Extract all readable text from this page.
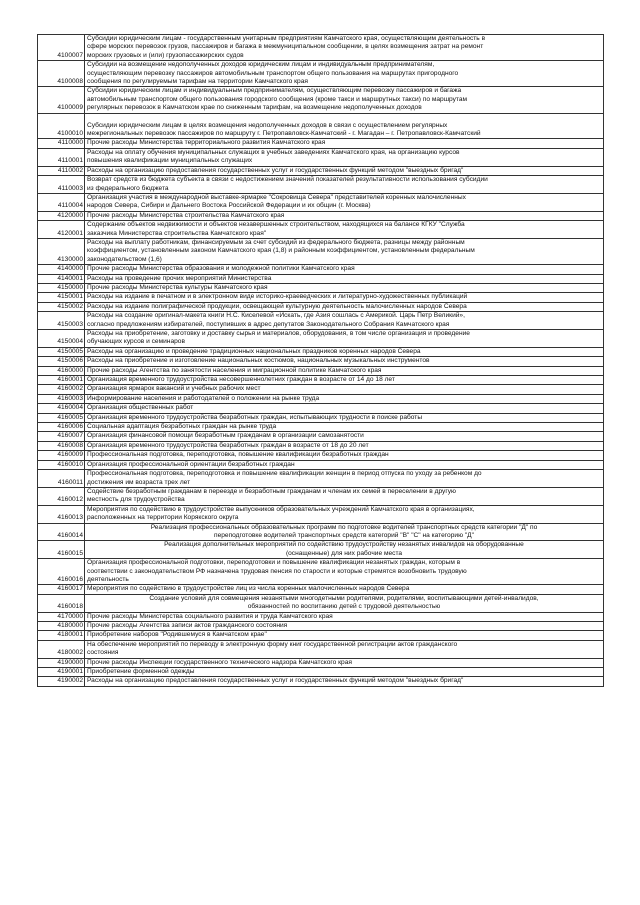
4100007	Субсидии юридическим лицам - государственным унитарным предприятиям Камчатского края, осуществляющим деятельность в
сфере морских перевозок грузов, пассажиров и багажа в межмуниципальном сообщении, в целях возмещения затрат на ремонт
морских грузовых и (или) грузопассажирских судов

4100008	Субсидии на возмещение недополученных доходов юридическим лицам и индивидуальным предпринимателям,
осуществляющим перевозку пассажиров автомобильным транспортом общего пользования на маршрутах пригородного
сообщения по регулируемым тарифам на территории Камчатского края

4100009	Субсидии юридическим лицам и индивидуальным предпринимателям, осуществляющим перевозку пассажиров и багажа
автомобильным транспортом общего пользования городского сообщения (кроме такси и маршрутных такси) по маршрутам
регулярных перевозок в Камчатском крае по сниженным тарифам, на возмещение недополученных доходов

4100010	Субсидии юридическим лицам в целях возмещения недополученных доходов в связи с осуществлением регулярных
межрегиональных перевозок пассажиров по маршруту г. Петропавловск-Камчатский - г. Магадан – г. Петропавловск-Камчатский

4110000	Прочие расходы Министерства территориального развития Камчатского края

4110001	Расходы на оплату обучения муниципальных служащих в учебных заведениях Камчатского края, на организацию курсов
повышения квалификации муниципальных служащих

4110002	Расходы на организацию предоставления государственных услуг и государственных функций методом "выездных бригад"

4110003	Возврат средств из бюджета субъекта в связи с недостижением значений показателей результативности использования субсидии
из федерального бюджета

4110004	Организация участия в международной выставке-ярмарке "Сокровища Севера" представителей коренных малочисленных
народов Севера, Сибири и Дальнего Востока Российской Федерации и их общин (г. Москва)

4120000	Прочие расходы Министерства строительства Камчатского края

4120001	Содержание объектов недвижимости и объектов незавершенных строительством, находящихся на балансе КГКУ "Служба
заказчика Министерства строительства Камчатского края"

4130000	Расходы на выплату работникам, финансируемым за счет субсидий из федерального бюджета, разницы между районным
коэффициентом, установленным законом Камчатского края (1,8) и районным коэффициентом, установленным федеральным
законодательством (1,6)

4140000	Прочие расходы Министерства образования и молодежной политики Камчатского края

4140001	Расходы на проведение прочих мероприятий Министерства

4150000	Прочие расходы Министерства культуры Камчатского края

4150001	Расходы на издание в печатном и в электронном виде историко-краеведческих и литературно-художественных публикаций

4150002	Расходы на издание полиграфической продукции, освещающей культурную деятельность малочисленных народов Севера

4150003	Расходы на создание оригинал-макета книги Н.С. Киселевой «Искать, где Азия сошлась с Америкой. Царь Петр Великий»,
согласно предложениям избирателей, поступивших в адрес депутатов Законодательного Собрания Камчатского края

4150004	Расходы на приобретение, заготовку и доставку сырья и материалов, оборудования, в том числе организация и проведение
обучающих курсов и семинаров

4150005	Расходы на организацию и проведение традиционных национальных праздников коренных народов Севера

4150006	Расходы на приобретение и изготовление национальных костюмов, национальных музыкальных инструментов

4160000	Прочие расходы Агентства по занятости населения и миграционной политике Камчатского края

4160001	Организация временного трудоустройства несовершеннолетних граждан в возрасте от 14 до 18 лет

4160002	Организация ярмарок вакансий и учебных рабочих мест

4160003	Информирование населения и работодателей о положении на рынке труда

4160004	Организация общественных работ

4160005	Организация временного трудоустройства безработных граждан, испытывающих трудности в поиске работы

4160006	Социальная адаптация безработных граждан на рынке труда

4160007	Организация финансовой помощи безработным гражданам в организации самозанятости

4160008	Организация временного трудоустройства безработных граждан в возрасте от 18 до 20 лет

4160009	Профессиональная подготовка, переподготовка, повышение квалификации безработных граждан

4160010	Организация профессиональной ориентации безработных граждан

4160011	Профессиональная подготовка, переподготовка и повышение квалификации женщин в период отпуска по уходу за ребенком до
достижения им возраста трех лет

4160012	Содействие безработным гражданам в переезде и безработным гражданам и членам их семей в переселении в другую
местность для трудоустройства

4160013	Мероприятия по содействию в трудоустройстве выпускников образовательных учреждений Камчатского края в организациях,
расположенных на территории Корякского округа

4160014	Реализация профессиональных образовательных программ по подготовке водителей транспортных средств категории "Д" по
переподготовке водителей транспортных средств категорий "В" "С" на категорию "Д"

4160015	Реализация дополнительных мероприятий по содействию трудоустройству незанятых инвалидов на оборудованные
(оснащенные) для них рабочие места

4160016	Организация профессиональной подготовки, переподготовки и повышение квалификации незанятых граждан, которым в
соответствии с законодательством РФ назначена трудовая пенсия по старости и которые стремятся возобновить трудовую
деятельность

4160017	Мероприятия по содействию в трудоустройстве лиц из числа коренных малочисленных народов Севера

4160018	Создание условий для совмещения незанятыми многодетными родителями, родителями, воспитывающими детей-инвалидов,
обязанностей по воспитанию детей с трудовой деятельностью

4170000	Прочие расходы Министерства социального развития и труда Камчатского края

4180000	Прочие расходы Агентства записи актов гражданского состояния

4180001	Приобретение наборов "Родившемуся в Камчатском крае"

4180002	На обеспечение мероприятий по переводу в электронную форму книг государственной регистрации актов гражданского
состояния

4190000	Прочие расходы Инспекции государственного технического надзора Камчатского края

4190001	Приобретение форменной одежды

4190002	Расходы на организацию предоставления государственных услуг и государственных функций методом "выездных бригад"
